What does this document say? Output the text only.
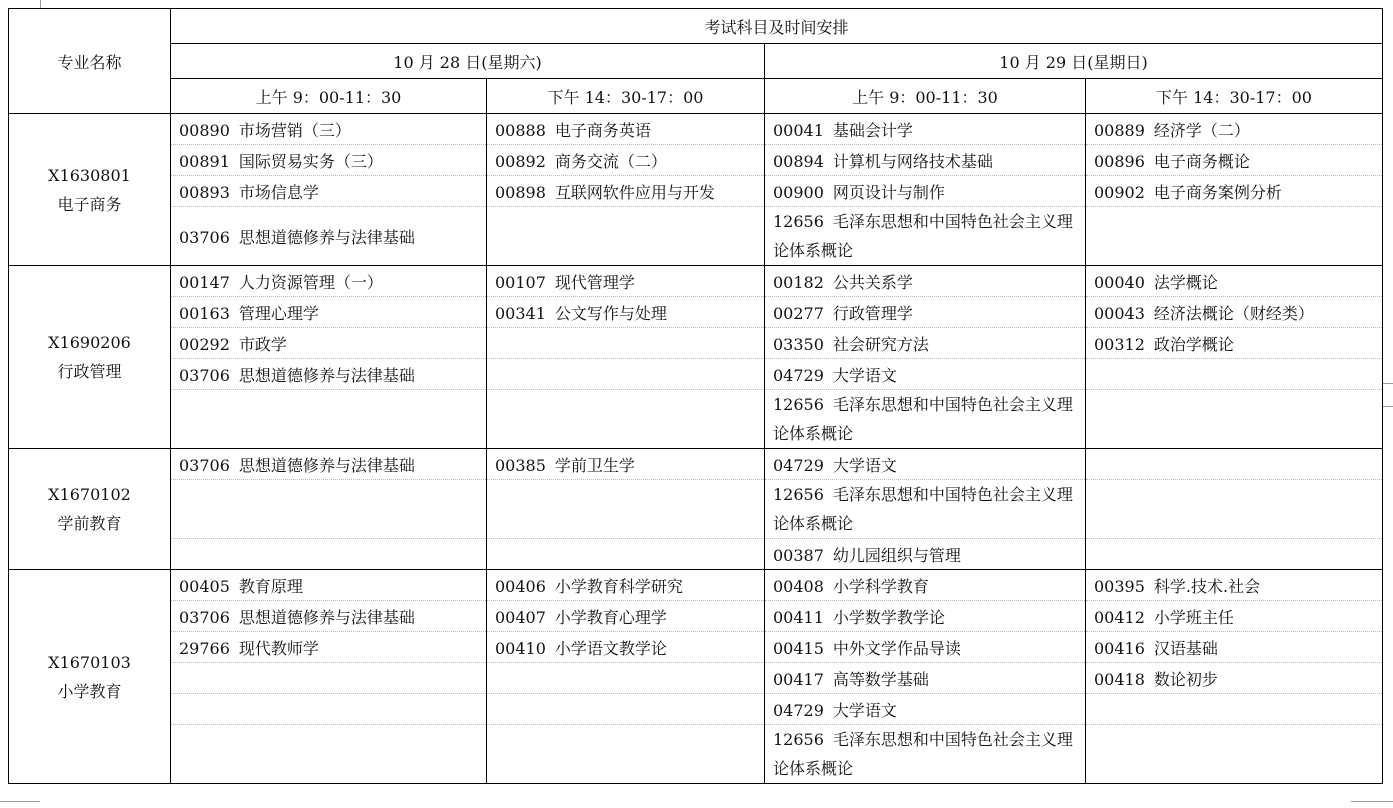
专业名称	考试科目及时间安排			
	10 月 28 日(星期六)		10 月 29 日(星期日)	
	上午 9：00-11：30	下午 14：30-17：00	上午 9：00-11：30	下午 14：30-17：00

X1630801
电子商务	00890 市场营销（三）	00888 电子商务英语	00041 基础会计学	00889 经济学（二）
	00891 国际贸易实务（三）	00892 商务交流（二）	00894 计算机与网络技术基础	00896 电子商务概论
	00893 市场信息学	00898 互联网软件应用与开发	00900 网页设计与制作	00902 电子商务案例分析
	03706 思想道德修养与法律基础		12656 毛泽东思想和中国特色社会主义理论体系概论	

X1690206
行政管理	00147 人力资源管理（一）	00107 现代管理学	00182 公共关系学	00040 法学概论
	00163 管理心理学	00341 公文写作与处理	00277 行政管理学	00043 经济法概论（财经类）
	00292 市政学		03350 社会研究方法	00312 政治学概论
	03706 思想道德修养与法律基础		04729 大学语文	
			12656 毛泽东思想和中国特色社会主义理论体系概论	

X1670102
学前教育	03706 思想道德修养与法律基础	00385 学前卫生学	04729 大学语文	
			12656 毛泽东思想和中国特色社会主义理论体系概论	
			00387 幼儿园组织与管理	

X1670103
小学教育	00405 教育原理	00406 小学教育科学研究	00408 小学科学教育	00395 科学.技术.社会
	03706 思想道德修养与法律基础	00407 小学教育心理学	00411 小学数学教学论	00412 小学班主任
	29766 现代教师学	00410 小学语文教学论	00415 中外文学作品导读	00416 汉语基础
			00417 高等数学基础	00418 数论初步
			04729 大学语文	
			12656 毛泽东思想和中国特色社会主义理论体系概论	
